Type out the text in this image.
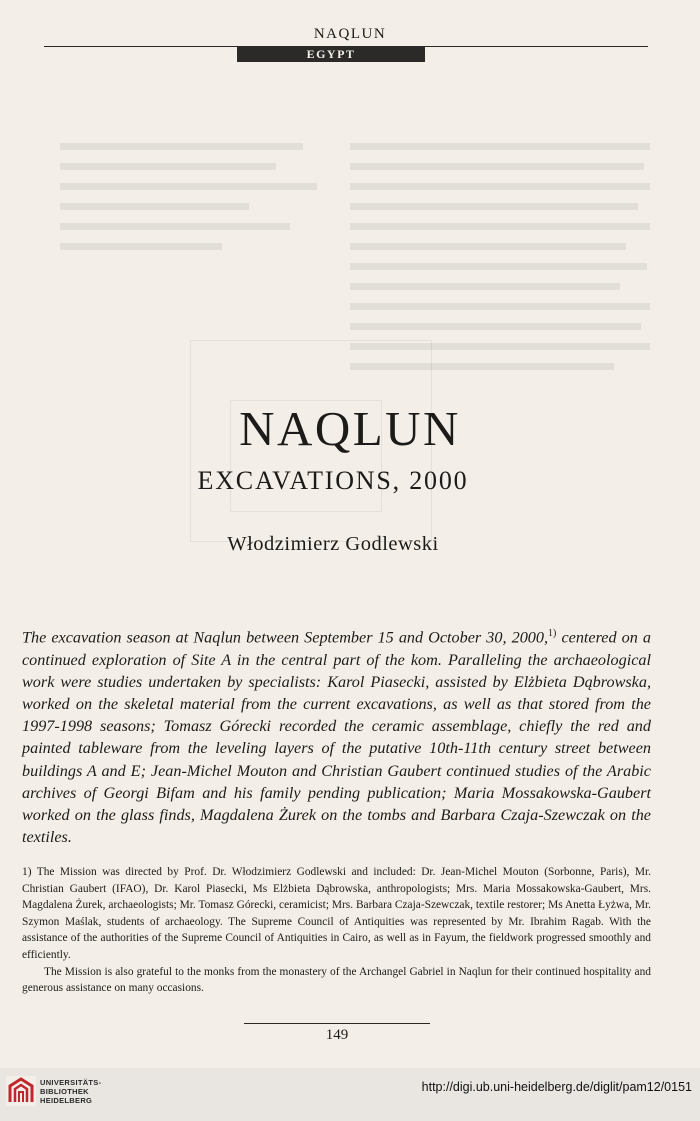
NAQLUN
EGYPT
NAQLUN
EXCAVATIONS, 2000
Włodzimierz Godlewski
The excavation season at Naqlun between September 15 and October 30, 2000,$^{1)}$ centered on a continued exploration of Site A in the central part of the kom. Paralleling the archaeological work were studies undertaken by specialists: Karol Piasecki, assisted by Elżbieta Dąbrowska, worked on the skeletal material from the current excavations, as well as that stored from the 1997-1998 seasons; Tomasz Górecki recorded the ceramic assemblage, chiefly the red and painted tableware from the leveling layers of the putative 10th-11th century street between buildings A and E; Jean-Michel Mouton and Christian Gaubert continued studies of the Arabic archives of Georgi Bifam and his family pending publication; Maria Mossakowska-Gaubert worked on the glass finds, Magdalena Żurek on the tombs and Barbara Czaja-Szewczak on the textiles.

1) The Mission was directed by Prof. Dr. Włodzimierz Godlewski and included: Dr. Jean-Michel Mouton (Sorbonne, Paris), Mr. Christian Gaubert (IFAO), Dr. Karol Piasecki, Ms Elżbieta Dąbrowska, anthropologists; Mrs. Maria Mossakowska-Gaubert, Mrs. Magdalena Żurek, archaeologists; Mr. Tomasz Górecki, ceramicist; Mrs. Barbara Czaja-Szewczak, textile restorer; Ms Anetta Łyżwa, Mr. Szymon Maślak, students of archaeology. The Supreme Council of Antiquities was represented by Mr. Ibrahim Ragab. With the assistance of the authorities of the Supreme Council of Antiquities in Cairo, as well as in Fayum, the fieldwork progressed smoothly and efficiently.

The Mission is also grateful to the monks from the monastery of the Archangel Gabriel in Naqlun for their continued hospitality and generous assistance on many occasions.

149
UNIVERSITÄTS-
BIBLIOTHEK
HEIDELBERG
http://digi.ub.uni-heidelberg.de/diglit/pam12/0151
